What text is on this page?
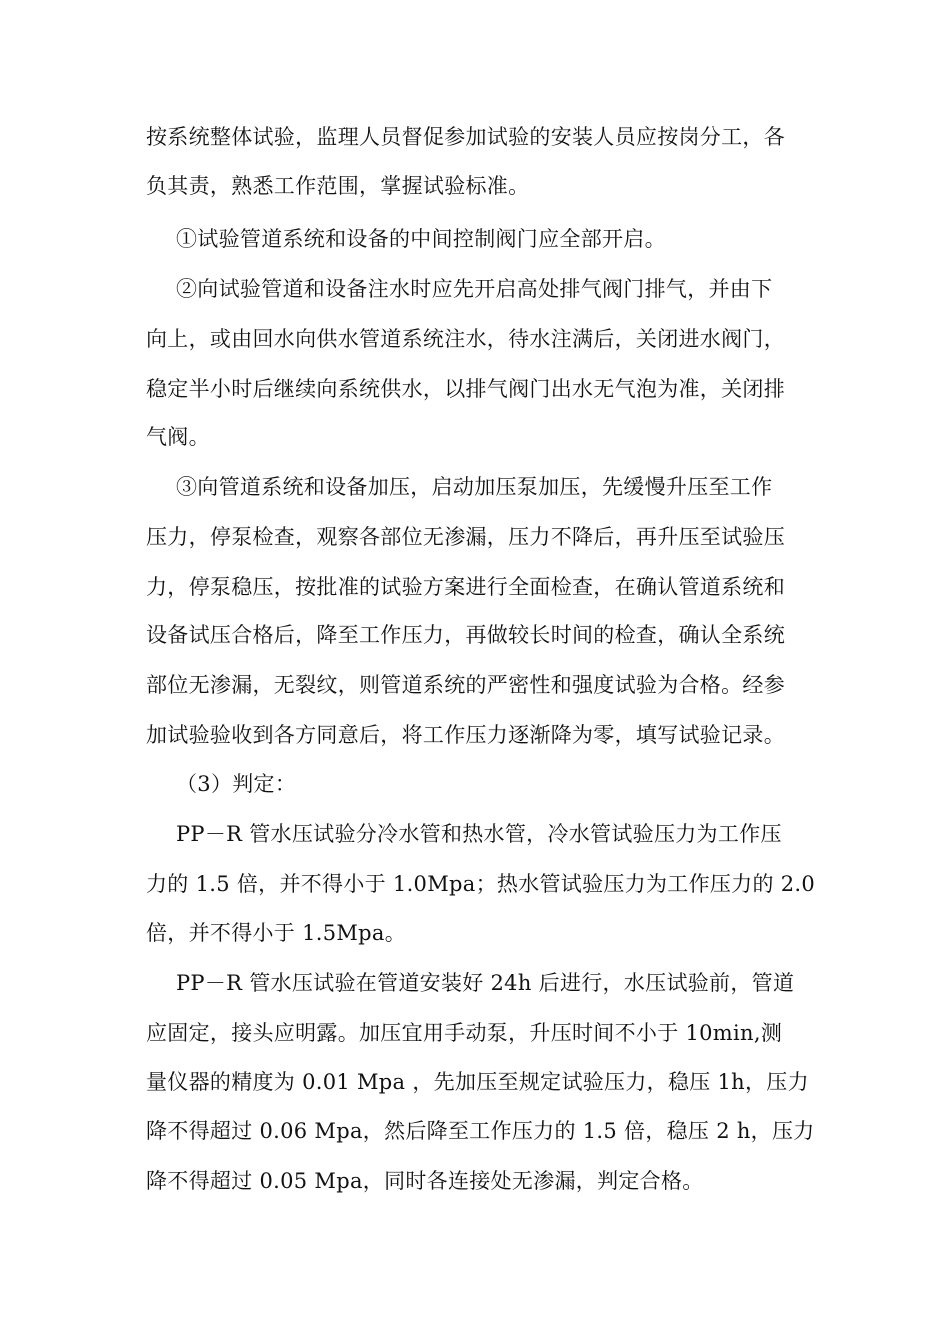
按系统整体试验，监理人员督促参加试验的安装人员应按岗分工，各
负其责，熟悉工作范围，掌握试验标准。
①试验管道系统和设备的中间控制阀门应全部开启。
②向试验管道和设备注水时应先开启高处排气阀门排气，并由下
向上，或由回水向供水管道系统注水，待水注满后，关闭进水阀门，
稳定半小时后继续向系统供水，以排气阀门出水无气泡为准，关闭排
气阀。
③向管道系统和设备加压，启动加压泵加压，先缓慢升压至工作
压力，停泵检查，观察各部位无渗漏，压力不降后，再升压至试验压
力，停泵稳压，按批准的试验方案进行全面检查，在确认管道系统和
设备试压合格后，降至工作压力，再做较长时间的检查，确认全系统
部位无渗漏，无裂纹，则管道系统的严密性和强度试验为合格。经参
加试验验收到各方同意后，将工作压力逐渐降为零，填写试验记录。
（3）判定：
PP－R 管水压试验分冷水管和热水管，冷水管试验压力为工作压
力的 1.5 倍，并不得小于 1.0Mpa；热水管试验压力为工作压力的 2.0
倍，并不得小于 1.5Mpa。
PP－R 管水压试验在管道安装好 24h 后进行，水压试验前，管道
应固定，接头应明露。加压宜用手动泵，升压时间不小于 10min,测
量仪器的精度为 0.01 Mpa ，先加压至规定试验压力，稳压 1h，压力
降不得超过 0.06 Mpa，然后降至工作压力的 1.5 倍，稳压 2 h，压力
降不得超过 0.05 Mpa，同时各连接处无渗漏，判定合格。
